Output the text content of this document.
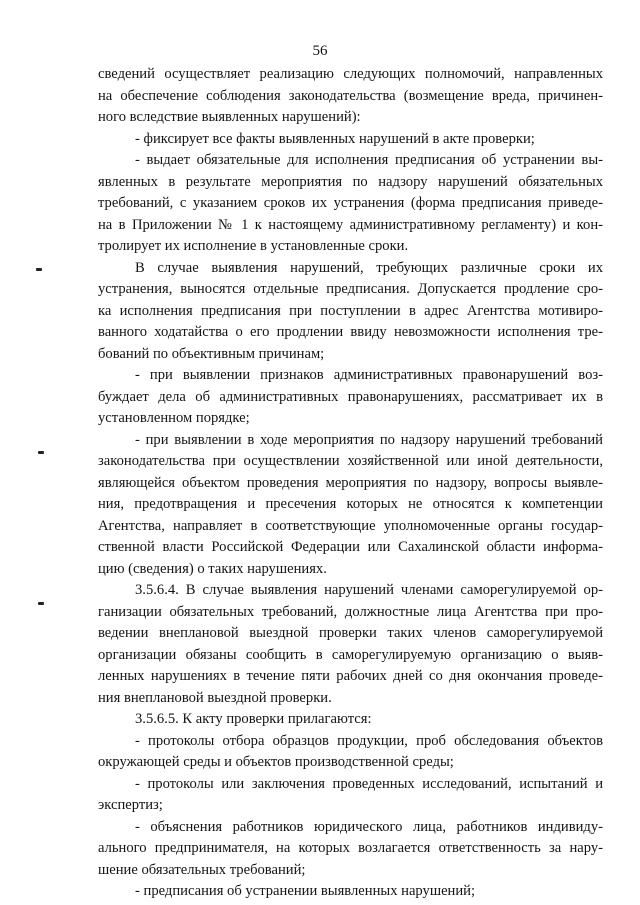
56
сведений осуществляет реализацию следующих полномочий, направленных
на обеспечение соблюдения законодательства (возмещение вреда, причинен-
ного вследствие выявленных нарушений):
- фиксирует все факты выявленных нарушений в акте проверки;
- выдает обязательные для исполнения предписания об устранении вы-
явленных в результате мероприятия по надзору нарушений обязательных
требований, с указанием сроков их устранения (форма предписания приведе-
на в Приложении № 1 к настоящему административному регламенту) и кон-
тролирует их исполнение в установленные сроки.
В случае выявления нарушений, требующих различные сроки их
устранения, выносятся отдельные предписания. Допускается продление сро-
ка исполнения предписания при поступлении в адрес Агентства мотивиро-
ванного ходатайства о его продлении ввиду невозможности исполнения тре-
бований по объективным причинам;
- при выявлении признаков административных правонарушений воз-
буждает дела об административных правонарушениях, рассматривает их в
установленном порядке;
- при выявлении в ходе мероприятия по надзору нарушений требований
законодательства при осуществлении хозяйственной или иной деятельности,
являющейся объектом проведения мероприятия по надзору, вопросы выявле-
ния, предотвращения и пресечения которых не относятся к компетенции
Агентства, направляет в соответствующие уполномоченные органы государ-
ственной власти Российской Федерации или Сахалинской области информа-
цию (сведения) о таких нарушениях.
3.5.6.4. В случае выявления нарушений членами саморегулируемой ор-
ганизации обязательных требований, должностные лица Агентства при про-
ведении внеплановой выездной проверки таких членов саморегулируемой
организации обязаны сообщить в саморегулируемую организацию о выяв-
ленных нарушениях в течение пяти рабочих дней со дня окончания проведе-
ния внеплановой выездной проверки.
3.5.6.5. К акту проверки прилагаются:
- протоколы отбора образцов продукции, проб обследования объектов
окружающей среды и объектов производственной среды;
- протоколы или заключения проведенных исследований, испытаний и
экспертиз;
- объяснения работников юридического лица, работников индивиду-
ального предпринимателя, на которых возлагается ответственность за нару-
шение обязательных требований;
- предписания об устранении выявленных нарушений;
